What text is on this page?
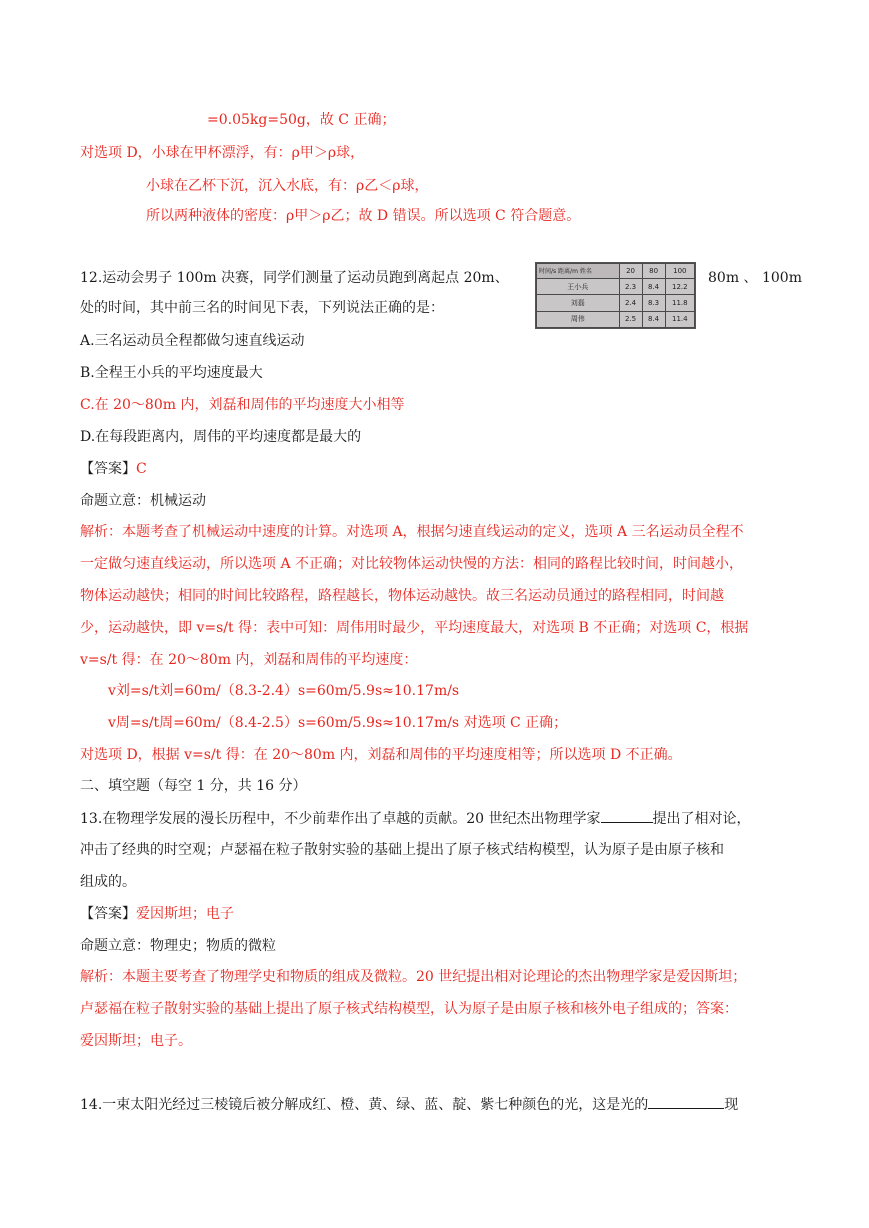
=0.05kg=50g，故 C 正确；
对选项 D，小球在甲杯漂浮，有：ρ甲＞ρ球，
小球在乙杯下沉，沉入水底，有：ρ乙＜ρ球，
所以两种液体的密度：ρ甲＞ρ乙；故 D 错误。所以选项 C 符合题意。
12.运动会男子 100m 决赛，同学们测量了运动员跑到离起点 20m、	80m 、 100m
处的时间，其中前三名的时间见下表，下列说法正确的是：
时间/s 距离/m 姓名	20	80	100
王小兵	2.3	8.4	12.2
刘磊	2.4	8.3	11.8
周伟	2.5	8.4	11.4
A.三名运动员全程都做匀速直线运动
B.全程王小兵的平均速度最大
C.在 20～80m 内，刘磊和周伟的平均速度大小相等
D.在每段距离内，周伟的平均速度都是最大的
【答案】C
命题立意：机械运动
解析：本题考查了机械运动中速度的计算。对选项 A，根据匀速直线运动的定义，选项 A 三名运动员全程不
一定做匀速直线运动，所以选项 A 不正确；对比较物体运动快慢的方法：相同的路程比较时间，时间越小，
物体运动越快；相同的时间比较路程，路程越长，物体运动越快。故三名运动员通过的路程相同，时间越
少，运动越快，即 v=s/t 得：表中可知：周伟用时最少，平均速度最大，对选项 B 不正确；对选项 C，根据
v=s/t 得：在 20～80m 内，刘磊和周伟的平均速度：
v刘=s/t刘=60m/（8.3-2.4）s=60m/5.9s≈10.17m/s
v周=s/t周=60m/（8.4-2.5）s=60m/5.9s≈10.17m/s 对选项 C 正确；
对选项 D，根据 v=s/t 得：在 20～80m 内，刘磊和周伟的平均速度相等；所以选项 D 不正确。
二、填空题（每空 1 分，共 16 分）
13.在物理学发展的漫长历程中，不少前辈作出了卓越的贡献。20 世纪杰出物理学家	提出了相对论，
冲击了经典的时空观；卢瑟福在粒子散射实验的基础上提出了原子核式结构模型，认为原子是由原子核和
组成的。
【答案】爱因斯坦；电子
命题立意：物理史；物质的微粒
解析：本题主要考查了物理学史和物质的组成及微粒。20 世纪提出相对论理论的杰出物理学家是爱因斯坦；
卢瑟福在粒子散射实验的基础上提出了原子核式结构模型，认为原子是由原子核和核外电子组成的；答案：
爱因斯坦；电子。
14.一束太阳光经过三棱镜后被分解成红、橙、黄、绿、蓝、靛、紫七种颜色的光，这是光的	现
